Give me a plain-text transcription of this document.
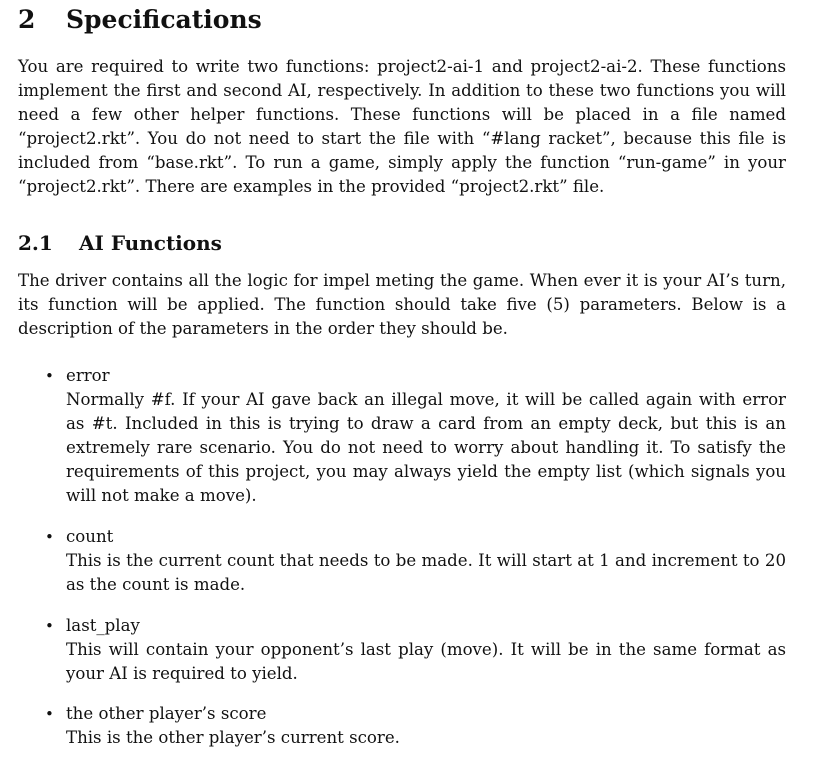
2 Specifications

You are required to write two functions: project2-ai-1 and project2-ai-2. These functions implement the first and second AI, respectively. In addition to these two functions you will need a few other helper functions. These functions will be placed in a file named “project2.rkt”. You do not need to start the file with “#lang racket”, because this file is included from “base.rkt”. To run a game, simply apply the function “run-game” in your “project2.rkt”. There are examples in the provided “project2.rkt” file.

2.1 AI Functions

The driver contains all the logic for impel meting the game. When ever it is your AI’s turn, its function will be applied. The function should take five (5) parameters. Below is a description of the parameters in the order they should be.

• error

Normally #f. If your AI gave back an illegal move, it will be called again with error as #t. Included in this is trying to draw a card from an empty deck, but this is an extremely rare scenario. You do not need to worry about handling it. To satisfy the requirements of this project, you may always yield the empty list (which signals you will not make a move).

• count

This is the current count that needs to be made. It will start at 1 and increment to 20 as the count is made.

• last_play

This will contain your opponent’s last play (move). It will be in the same format as your AI is required to yield.

• the other player’s score

This is the other player’s current score.
